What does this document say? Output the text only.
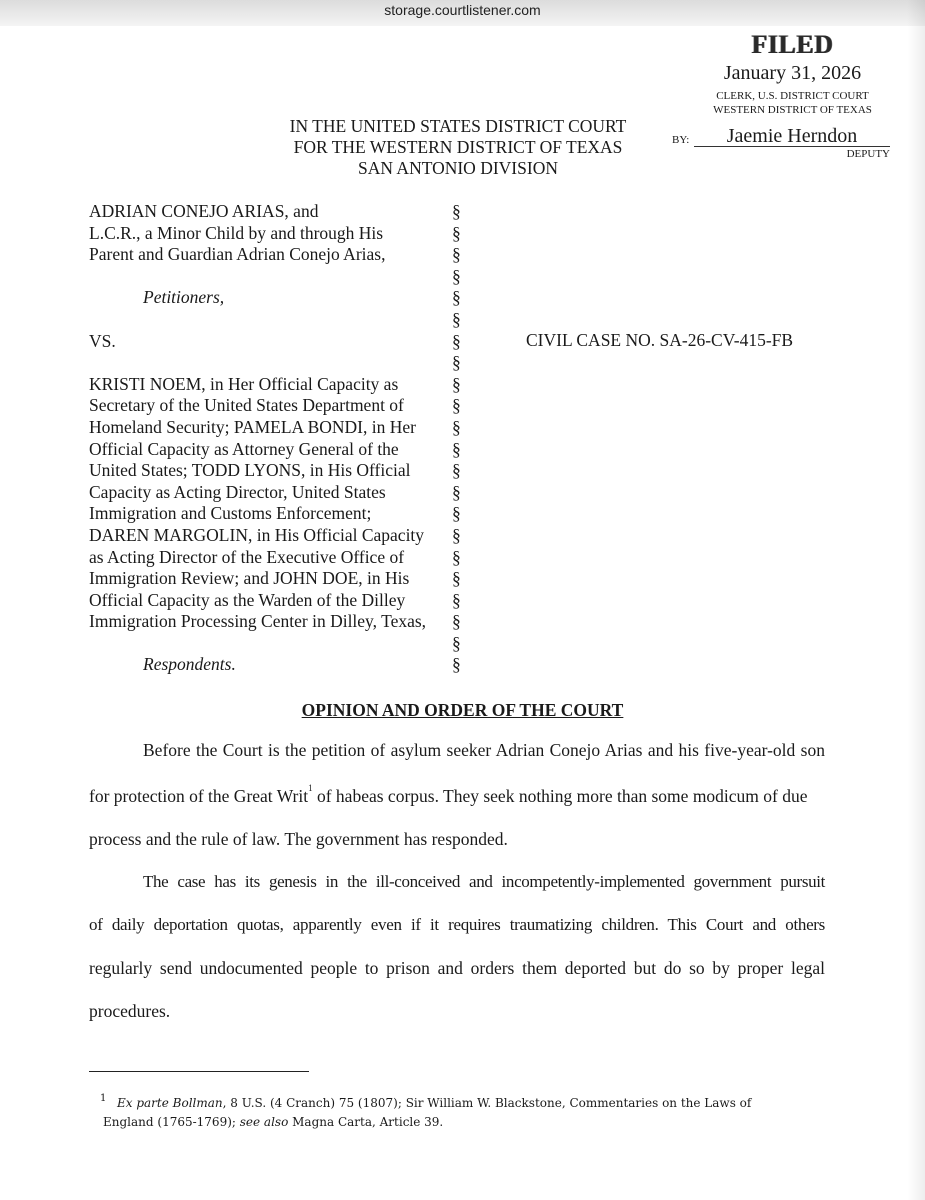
storage.courtlistener.com
FILED
January 31, 2026
CLERK, U.S. DISTRICT COURT
WESTERN DISTRICT OF TEXAS
BY:	Jaemie Herndon
DEPUTY
IN THE UNITED STATES DISTRICT COURT
FOR THE WESTERN DISTRICT OF TEXAS
SAN ANTONIO DIVISION
ADRIAN CONEJO ARIAS, and
L.C.R., a Minor Child by and through His
Parent and Guardian Adrian Conejo Arias,
Petitioners,
VS.
KRISTI NOEM, in Her Official Capacity as
Secretary of the United States Department of
Homeland Security; PAMELA BONDI, in Her
Official Capacity as Attorney General of the
United States; TODD LYONS, in His Official
Capacity as Acting Director, United States
Immigration and Customs Enforcement;
DAREN MARGOLIN, in His Official Capacity
as Acting Director of the Executive Office of
Immigration Review; and JOHN DOE, in His
Official Capacity as the Warden of the Dilley
Immigration Processing Center in Dilley, Texas,
Respondents.
§
§
§
§
§
§
§
§
§
§
§
§
§
§
§
§
§
§
§
§
§
§
CIVIL CASE NO. SA-26-CV-415-FB
OPINION AND ORDER OF THE COURT
Before the Court is the petition of asylum seeker Adrian Conejo Arias and his five-year-old son
for protection of the Great Writ$^1$ of habeas corpus. They seek nothing more than some modicum of due
process and the rule of law. The government has responded.
The case has its genesis in the ill-conceived and incompetently-implemented government pursuit
of daily deportation quotas, apparently even if it requires traumatizing children. This Court and others
regularly send undocumented people to prison and orders them deported but do so by proper legal
procedures.
1 Ex parte Bollman, 8 U.S. (4 Cranch) 75 (1807); Sir William W. Blackstone, Commentaries on the Laws of
England (1765-1769); see also Magna Carta, Article 39.
